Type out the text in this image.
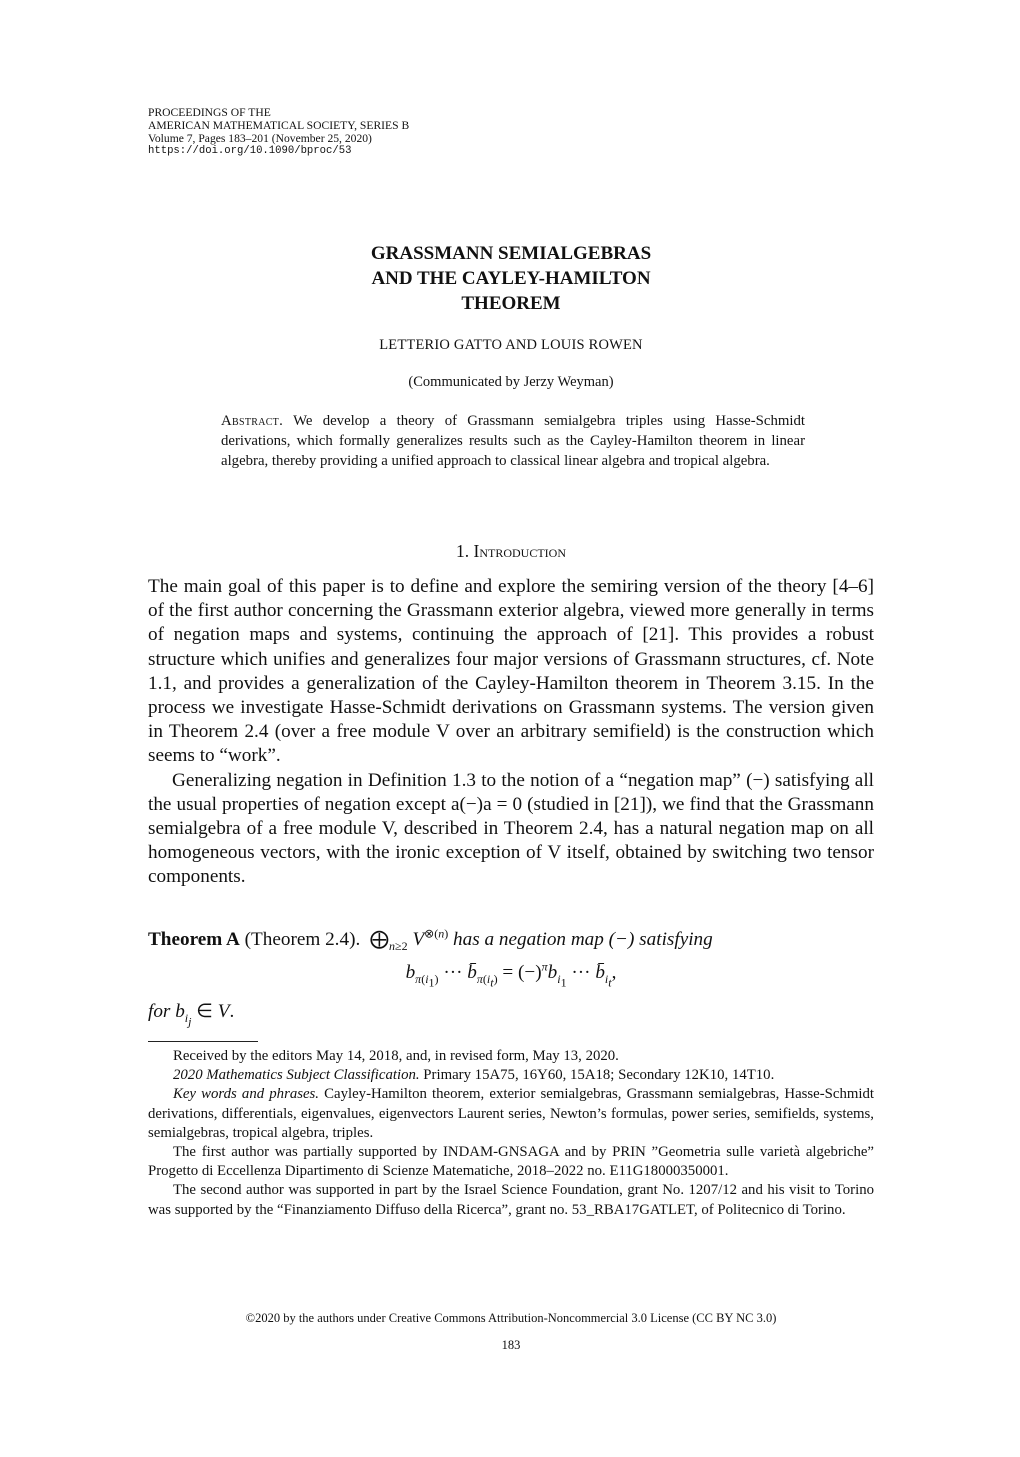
PROCEEDINGS OF THE
AMERICAN MATHEMATICAL SOCIETY, SERIES B
Volume 7, Pages 183–201 (November 25, 2020)
https://doi.org/10.1090/bproc/53
GRASSMANN SEMIALGEBRAS
AND THE CAYLEY-HAMILTON
THEOREM
LETTERIO GATTO AND LOUIS ROWEN
(Communicated by Jerzy Weyman)
Abstract. We develop a theory of Grassmann semialgebra triples using Hasse-Schmidt derivations, which formally generalizes results such as the Cayley-Hamilton theorem in linear algebra, thereby providing a unified approach to classical linear algebra and tropical algebra.
1. Introduction

The main goal of this paper is to define and explore the semiring version of the theory [4–6] of the first author concerning the Grassmann exterior algebra, viewed more generally in terms of negation maps and systems, continuing the approach of [21]. This provides a robust structure which unifies and generalizes four major versions of Grassmann structures, cf. Note 1.1, and provides a generalization of the Cayley-Hamilton theorem in Theorem 3.15. In the process we investigate Hasse-Schmidt derivations on Grassmann systems. The version given in Theorem 2.4 (over a free module V over an arbitrary semifield) is the construction which seems to “work”.

Generalizing negation in Definition 1.3 to the notion of a “negation map” (−) satisfying all the usual properties of negation except a(−)a = 0 (studied in [21]), we find that the Grassmann semialgebra of a free module V, described in Theorem 2.4, has a natural negation map on all homogeneous vectors, with the ironic exception of V itself, obtained by switching two tensor components.

Theorem A (Theorem 2.4).  $⨁_{n\ge 2}$ $V^{\otimes(n)}$ has a negation map (−) satisfying
$b_{\pi(i_1)}$ ··· $b̄_{\pi(i_t)} = (-)^\pi b_{i_1}$ ··· $b̄_{i_t}$,
for $b_{i_j}$ ∈ V.

Received by the editors May 14, 2018, and, in revised form, May 13, 2020.

2020 Mathematics Subject Classification. Primary 15A75, 16Y60, 15A18; Secondary 12K10, 14T10.

Key words and phrases. Cayley-Hamilton theorem, exterior semialgebras, Grassmann semialgebras, Hasse-Schmidt derivations, differentials, eigenvalues, eigenvectors Laurent series, Newton’s formulas, power series, semifields, systems, semialgebras, tropical algebra, triples.

The first author was partially supported by INDAM-GNSAGA and by PRIN ”Geometria sulle varietà algebriche” Progetto di Eccellenza Dipartimento di Scienze Matematiche, 2018–2022 no. E11G18000350001.

The second author was supported in part by the Israel Science Foundation, grant No. 1207/12 and his visit to Torino was supported by the “Finanziamento Diffuso della Ricerca”, grant no. 53_RBA17GATLET, of Politecnico di Torino.

©2020 by the authors under Creative Commons Attribution-Noncommercial 3.0 License (CC BY NC 3.0)
183
